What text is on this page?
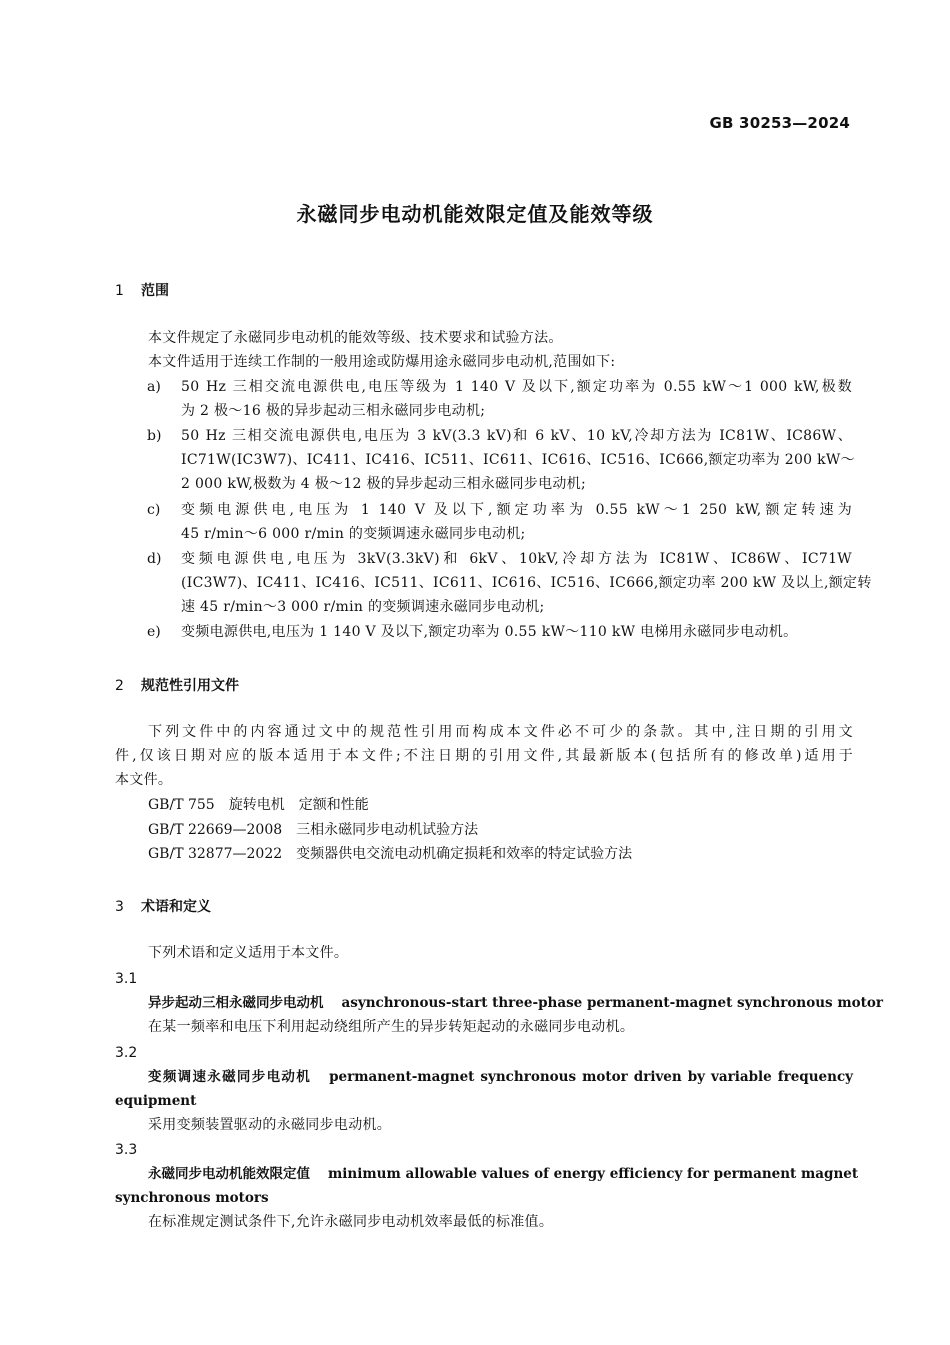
GB 30253—2024
永磁同步电动机能效限定值及能效等级
1 范围
本文件规定了永磁同步电动机的能效等级、技术要求和试验方法。
本文件适用于连续工作制的一般用途或防爆用途永磁同步电动机,范围如下:
a)	50 Hz 三相交流电源供电,电压等级为 1 140 V 及以下,额定功率为 0.55 kW～1 000 kW,极数
为 2 极～16 极的异步起动三相永磁同步电动机;
b)	50 Hz 三相交流电源供电,电压为 3 kV(3.3 kV)和 6 kV、10 kV,冷却方法为 IC81W、IC86W、
IC71W(IC3W7)、IC411、IC416、IC511、IC611、IC616、IC516、IC666,额定功率为 200 kW～
2 000 kW,极数为 4 极～12 极的异步起动三相永磁同步电动机;
c)	变频电源供电,电压为 1 140 V 及以下,额定功率为 0.55 kW～1 250 kW,额定转速为
45 r/min～6 000 r/min 的变频调速永磁同步电动机;
d)	变频电源供电,电压为 3kV(3.3kV)和 6kV、10kV,冷却方法为 IC81W、IC86W、IC71W
(IC3W7)、IC411、IC416、IC511、IC611、IC616、IC516、IC666,额定功率 200 kW 及以上,额定转
速 45 r/min～3 000 r/min 的变频调速永磁同步电动机;
e)	变频电源供电,电压为 1 140 V 及以下,额定功率为 0.55 kW～110 kW 电梯用永磁同步电动机。
2 规范性引用文件
下列文件中的内容通过文中的规范性引用而构成本文件必不可少的条款。其中,注日期的引用文
件,仅该日期对应的版本适用于本文件;不注日期的引用文件,其最新版本(包括所有的修改单)适用于
本文件。
GB/T 755 旋转电机　定额和性能
GB/T 22669—2008 三相永磁同步电动机试验方法
GB/T 32877—2022 变频器供电交流电动机确定损耗和效率的特定试验方法
3 术语和定义
下列术语和定义适用于本文件。
3.1
异步起动三相永磁同步电动机 asynchronous-start three-phase permanent-magnet synchronous motor
在某一频率和电压下利用起动绕组所产生的异步转矩起动的永磁同步电动机。
3.2
变频调速永磁同步电动机 permanent-magnet synchronous motor driven by variable frequency
equipment
采用变频装置驱动的永磁同步电动机。
3.3
永磁同步电动机能效限定值 minimum allowable values of energy efficiency for permanent magnet
synchronous motors
在标准规定测试条件下,允许永磁同步电动机效率最低的标准值。
